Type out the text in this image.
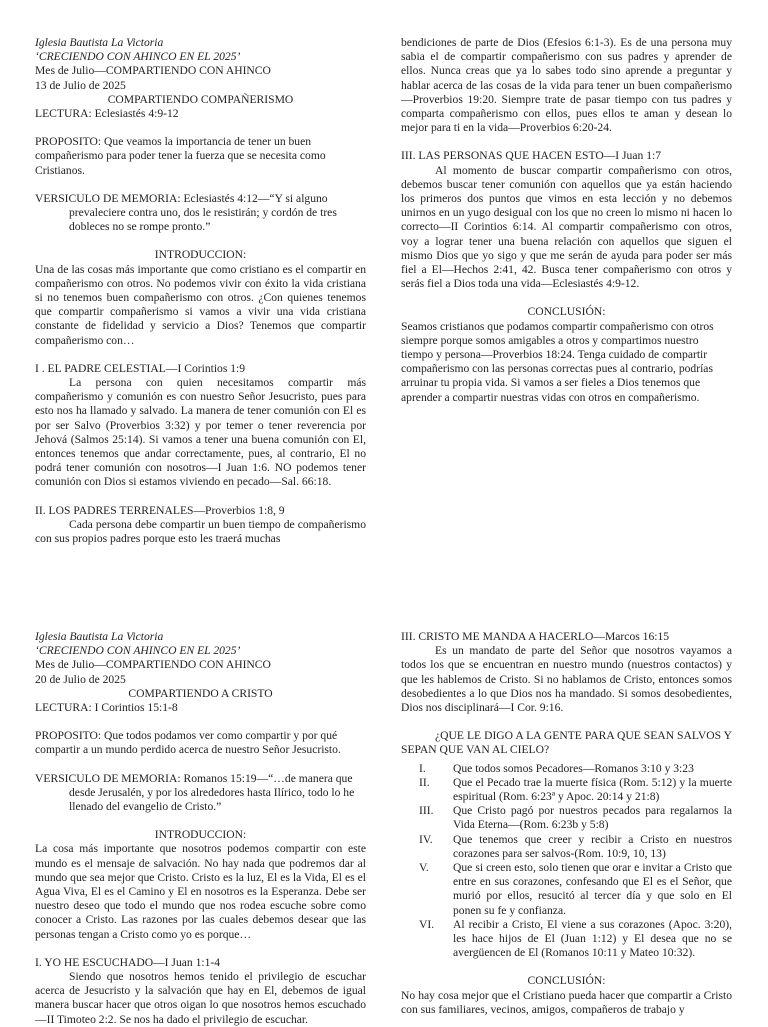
Iglesia Bautista La Victoria

‘CRECIENDO CON AHINCO EN EL 2025’

Mes de Julio—COMPARTIENDO CON AHINCO

13 de Julio de 2025

COMPARTIENDO COMPAÑERISMO

LECTURA: Eclesiastés 4:9-12

PROPOSITO: Que veamos la importancia de tener un buen compañerismo para poder tener la fuerza que se necesita como Cristianos.

VERSICULO DE MEMORIA: Eclesiastés 4:12—“Y si alguno prevaleciere contra uno, dos le resistirán; y cordón de tres dobleces no se rompe pronto.”

INTRODUCCION:

Una de las cosas más importante que como cristiano es el compartir en compañerismo con otros. No podemos vivir con éxito la vida cristiana si no tenemos buen compañerismo con otros. ¿Con quienes tenemos que compartir compañerismo si vamos a vivir una vida cristiana constante de fidelidad y servicio a Dios? Tenemos que compartir compañerismo con…

I . EL PADRE CELESTIAL—I Corintios 1:9

La persona con quien necesitamos compartir más compañerismo y comunión es con nuestro Señor Jesucristo, pues para esto nos ha llamado y salvado. La manera de tener comunión con El es por ser Salvo (Proverbios 3:32) y por temer o tener reverencia por Jehová (Salmos 25:14). Si vamos a tener una buena comunión con El, entonces tenemos que andar correctamente, pues, al contrario, El no podrá tener comunión con nosotros—I Juan 1:6. NO podemos tener comunión con Dios si estamos viviendo en pecado—Sal. 66:18.

II. LOS PADRES TERRENALES—Proverbios 1:8, 9

Cada persona debe compartir un buen tiempo de compañerismo con sus propios padres porque esto les traerá muchas

bendiciones de parte de Dios (Efesios 6:1-3). Es de una persona muy sabia el de compartir compañerismo con sus padres y aprender de ellos. Nunca creas que ya lo sabes todo sino aprende a preguntar y hablar acerca de las cosas de la vida para tener un buen compañerismo—Proverbios 19:20. Siempre trate de pasar tiempo con tus padres y comparta compañerismo con ellos, pues ellos te aman y desean lo mejor para ti en la vida—Proverbios 6:20-24.

III. LAS PERSONAS QUE HACEN ESTO—I Juan 1:7

Al momento de buscar compartir compañerismo con otros, debemos buscar tener comunión con aquellos que ya están haciendo los primeros dos puntos que vimos en esta lección y no debemos unirnos en un yugo desigual con los que no creen lo mismo ni hacen lo correcto—II Corintios 6:14. Al compartir compañerismo con otros, voy a lograr tener una buena relación con aquellos que siguen el mismo Dios que yo sigo y que me serán de ayuda para poder ser más fiel a El—Hechos 2:41, 42. Busca tener compañerismo con otros y serás fiel a Dios toda una vida—Eclesiastés 4:9-12.

CONCLUSIÓN:

Seamos cristianos que podamos compartir compañerismo con otros siempre porque somos amigables a otros y compartimos nuestro tiempo y persona—Proverbios 18:24. Tenga cuidado de compartir compañerismo con las personas correctas pues al contrario, podrías arruinar tu propia vida. Si vamos a ser fieles a Dios tenemos que aprender a compartir nuestras vidas con otros en compañerismo.

Iglesia Bautista La Victoria

‘CRECIENDO CON AHINCO EN EL 2025’

Mes de Julio—COMPARTIENDO CON AHINCO

20 de Julio de 2025

COMPARTIENDO A CRISTO

LECTURA: I Corintios 15:1-8

PROPOSITO: Que todos podamos ver como compartir y por qué compartir a un mundo perdido acerca de nuestro Señor Jesucristo.

VERSICULO DE MEMORIA: Romanos 15:19—“…de manera que desde Jerusalén, y por los alrededores hasta Ilírico, todo lo he llenado del evangelio de Cristo.”

INTRODUCCION:

La cosa más importante que nosotros podemos compartir con este mundo es el mensaje de salvación. No hay nada que podremos dar al mundo que sea mejor que Cristo. Cristo es la luz, El es la Vida, El es el Agua Viva, El es el Camino y El en nosotros es la Esperanza. Debe ser nuestro deseo que todo el mundo que nos rodea escuche sobre como conocer a Cristo. Las razones por las cuales debemos desear que las personas tengan a Cristo como yo es porque…

I. YO HE ESCUCHADO—I Juan 1:1-4

Siendo que nosotros hemos tenido el privilegio de escuchar acerca de Jesucristo y la salvación que hay en El, debemos de igual manera buscar hacer que otros oigan lo que nosotros hemos escuchado—II Timoteo 2:2. Se nos ha dado el privilegio de escuchar.

III. CRISTO ME MANDA A HACERLO—Marcos 16:15

Es un mandato de parte del Señor que nosotros vayamos a todos los que se encuentran en nuestro mundo (nuestros contactos) y que les hablemos de Cristo. Si no hablamos de Cristo, entonces somos desobedientes a lo que Dios nos ha mandado. Si somos desobedientes, Dios nos disciplinará—I Cor. 9:16.

¿QUE LE DIGO A LA GENTE PARA QUE SEAN SALVOS Y SEPAN QUE VAN AL CIELO?

I.	Que todos somos Pecadores—Romanos 3:10 y 3:23
II.	Que el Pecado trae la muerte física (Rom. 5:12) y la muerte espiritual (Rom. 6:23ª y Apoc. 20:14 y 21:8)
III.	Que Cristo pagó por nuestros pecados para regalarnos la Vida Eterna—(Rom. 6:23b y 5:8)
IV.	Que tenemos que creer y recibir a Cristo en nuestros corazones para ser salvos-(Rom. 10:9, 10, 13)
V.	Que si creen esto, solo tienen que orar e invitar a Cristo que entre en sus corazones, confesando que El es el Señor, que murió por ellos, resucitó al tercer día y que solo en El ponen su fe y confianza.
VI.	Al recibir a Cristo, El viene a sus corazones (Apoc. 3:20), les hace hijos de El (Juan 1:12) y El desea que no se avergüencen de El (Romanos 10:11 y Mateo 10:32).

CONCLUSIÓN:

No hay cosa mejor que el Cristiano pueda hacer que compartir a Cristo con sus familiares, vecinos, amigos, compañeros de trabajo y
